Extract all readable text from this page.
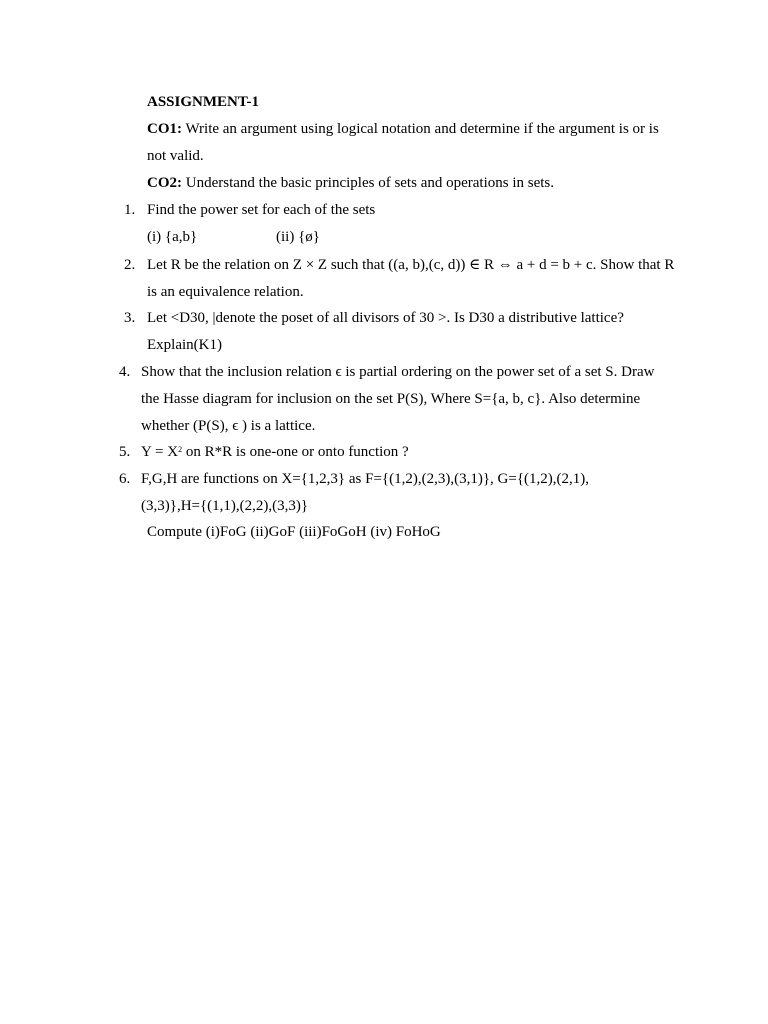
ASSIGNMENT-1
CO1: Write an argument using logical notation and determine if the argument is or is
not valid.
CO2: Understand the basic principles of sets and operations in sets.
1. Find the power set for each of the sets
(i) {a,b}	(ii) {ø}
2. Let R be the relation on Z × Z such that ((a, b),(c, d)) ∈ R ⇔ a + d = b + c. Show that R
is an equivalence relation.
3. Let <D30, |denote the poset of all divisors of 30 >. Is D30 a distributive lattice?
Explain(K1)
4. Show that the inclusion relation ϵ is partial ordering on the power set of a set S. Draw
the Hasse diagram for inclusion on the set P(S), Where S={a, b, c}. Also determine
whether (P(S), ϵ ) is a lattice.
5. $Y = X^2$ on R*R is one-one or onto function ?
6. F,G,H are functions on X={1,2,3} as F={(1,2),(2,3),(3,1)}, G={(1,2),(2,1),
(3,3)},H={(1,1),(2,2),(3,3)}
Compute (i)FoG (ii)GoF (iii)FoGoH (iv) FoHoG
